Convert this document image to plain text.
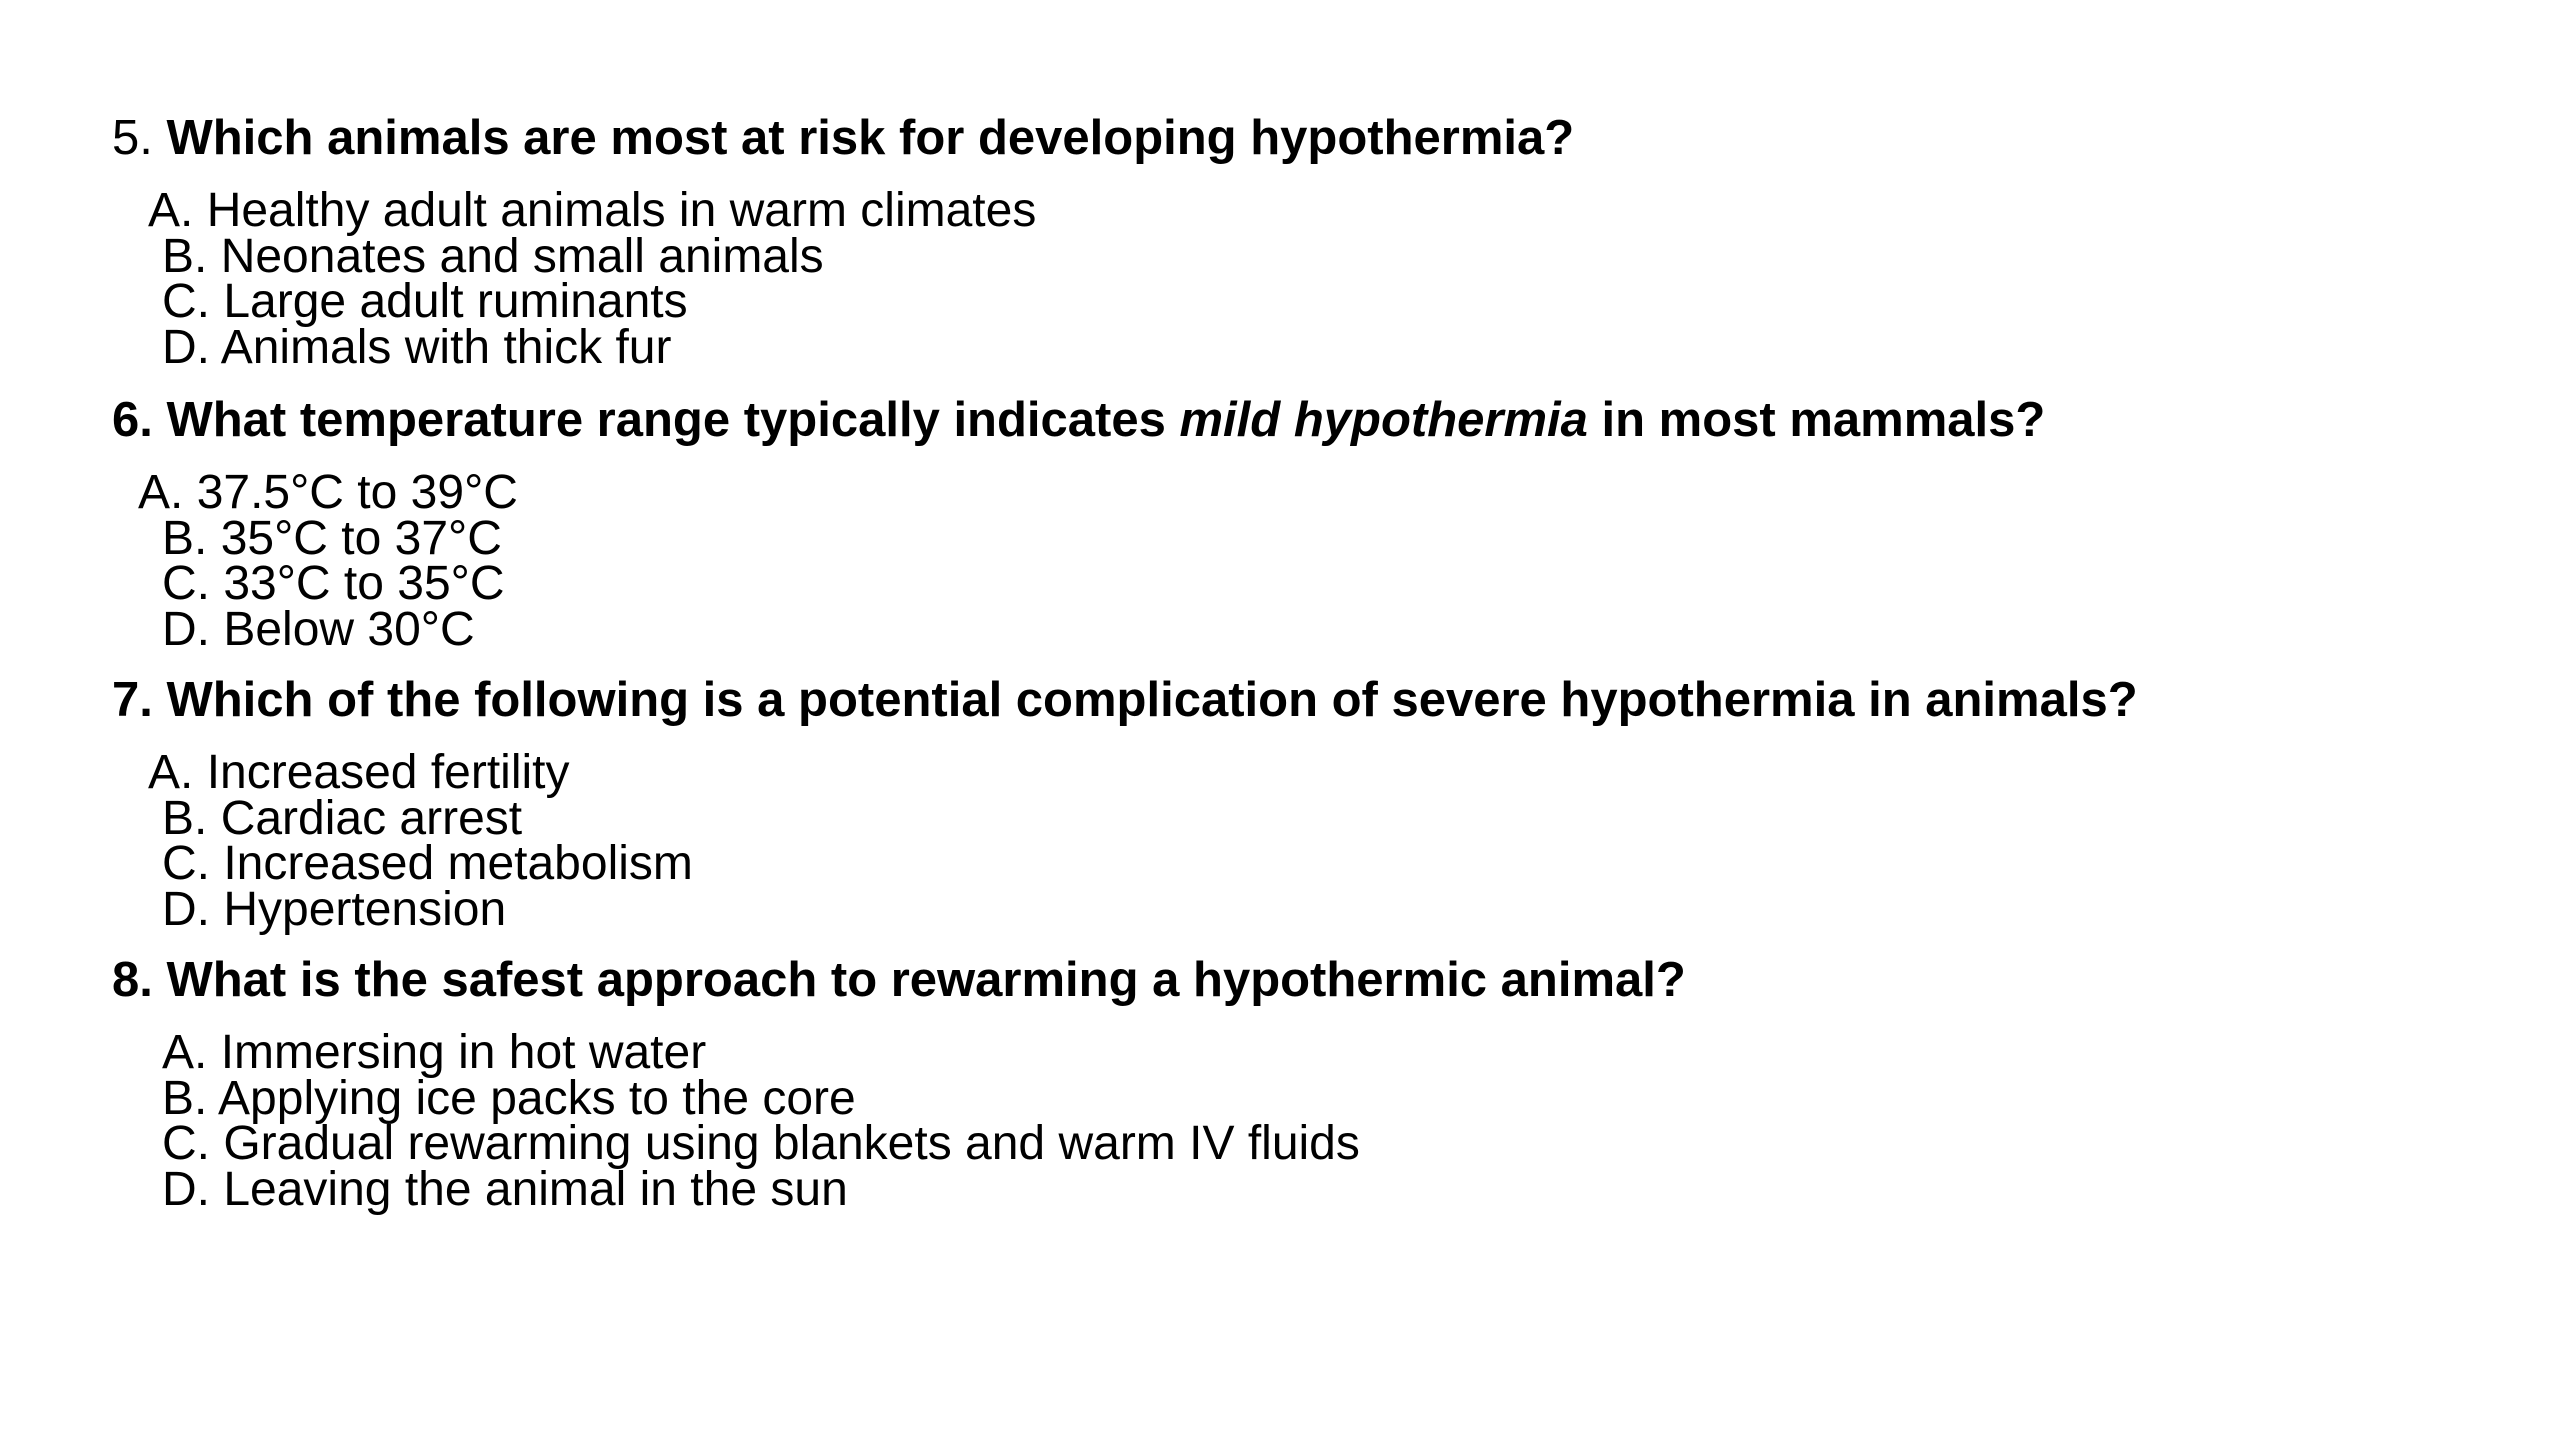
5. Which animals are most at risk for developing hypothermia?
A. Healthy adult animals in warm climates
B. Neonates and small animals
C. Large adult ruminants
D. Animals with thick fur
6. What temperature range typically indicates mild hypothermia in most mammals?
A. 37.5°C to 39°C
B. 35°C to 37°C
C. 33°C to 35°C
D. Below 30°C
7. Which of the following is a potential complication of severe hypothermia in animals?
A. Increased fertility
B. Cardiac arrest
C. Increased metabolism
D. Hypertension
8. What is the safest approach to rewarming a hypothermic animal?
A. Immersing in hot water
B. Applying ice packs to the core
C. Gradual rewarming using blankets and warm IV fluids
D. Leaving the animal in the sun
